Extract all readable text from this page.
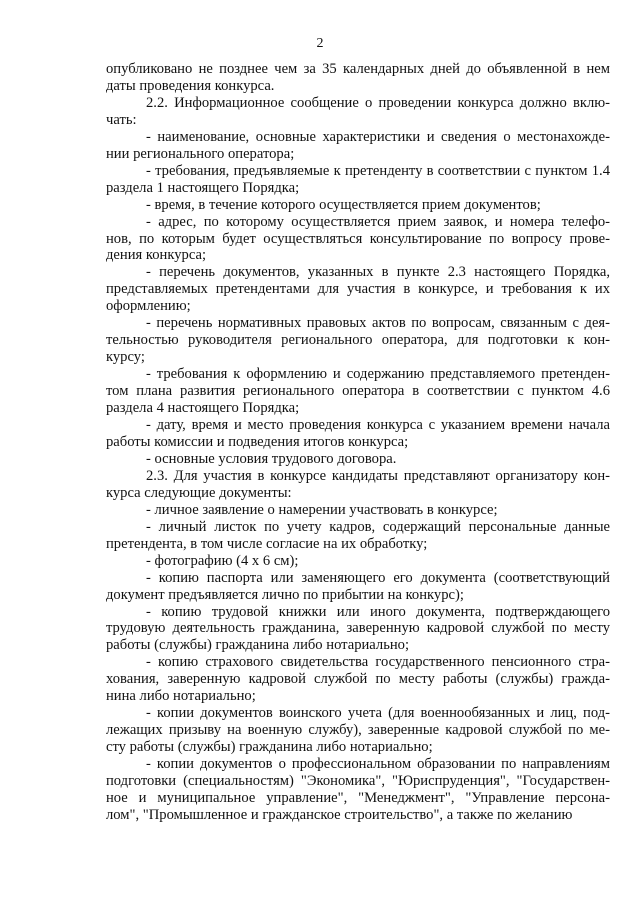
2
опубликовано не позднее чем за 35 календарных дней до объявленной в нем
даты проведения конкурса.
2.2. Информационное сообщение о проведении конкурса должно вклю-
чать:
- наименование, основные характеристики и сведения о местонахожде-
нии регионального оператора;
- требования, предъявляемые к претенденту в соответствии с пунктом 1.4
раздела 1 настоящего Порядка;
- время, в течение которого осуществляется прием документов;
- адрес, по которому осуществляется прием заявок, и номера телефо-
нов, по которым будет осуществляться консультирование по вопросу прове-
дения конкурса;
- перечень документов, указанных в пункте 2.3 настоящего Порядка,
представляемых претендентами для участия в конкурсе, и требования к их
оформлению;
- перечень нормативных правовых актов по вопросам, связанным с дея-
тельностью руководителя регионального оператора, для подготовки к кон-
курсу;
- требования к оформлению и содержанию представляемого претенден-
том плана развития регионального оператора в соответствии с пунктом 4.6
раздела 4 настоящего Порядка;
- дату, время и место проведения конкурса с указанием времени начала
работы комиссии и подведения итогов конкурса;
- основные условия трудового договора.
2.3. Для участия в конкурсе кандидаты представляют организатору кон-
курса следующие документы:
- личное заявление о намерении участвовать в конкурсе;
- личный листок по учету кадров, содержащий персональные данные
претендента, в том числе согласие на их обработку;
- фотографию (4 х 6 см);
- копию паспорта или заменяющего его документа (соответствующий
документ предъявляется лично по прибытии на конкурс);
- копию трудовой книжки или иного документа, подтверждающего
трудовую деятельность гражданина, заверенную кадровой службой по месту
работы (службы) гражданина либо нотариально;
- копию страхового свидетельства государственного пенсионного стра-
хования, заверенную кадровой службой по месту работы (службы) гражда-
нина либо нотариально;
- копии документов воинского учета (для военнообязанных и лиц, под-
лежащих призыву на военную службу), заверенные кадровой службой по ме-
сту работы (службы) гражданина либо нотариально;
- копии документов о профессиональном образовании по направлениям
подготовки (специальностям) "Экономика", "Юриспруденция", "Государствен-
ное и муниципальное управление", "Менеджмент", "Управление персона-
лом", "Промышленное и гражданское строительство", а также по желанию
